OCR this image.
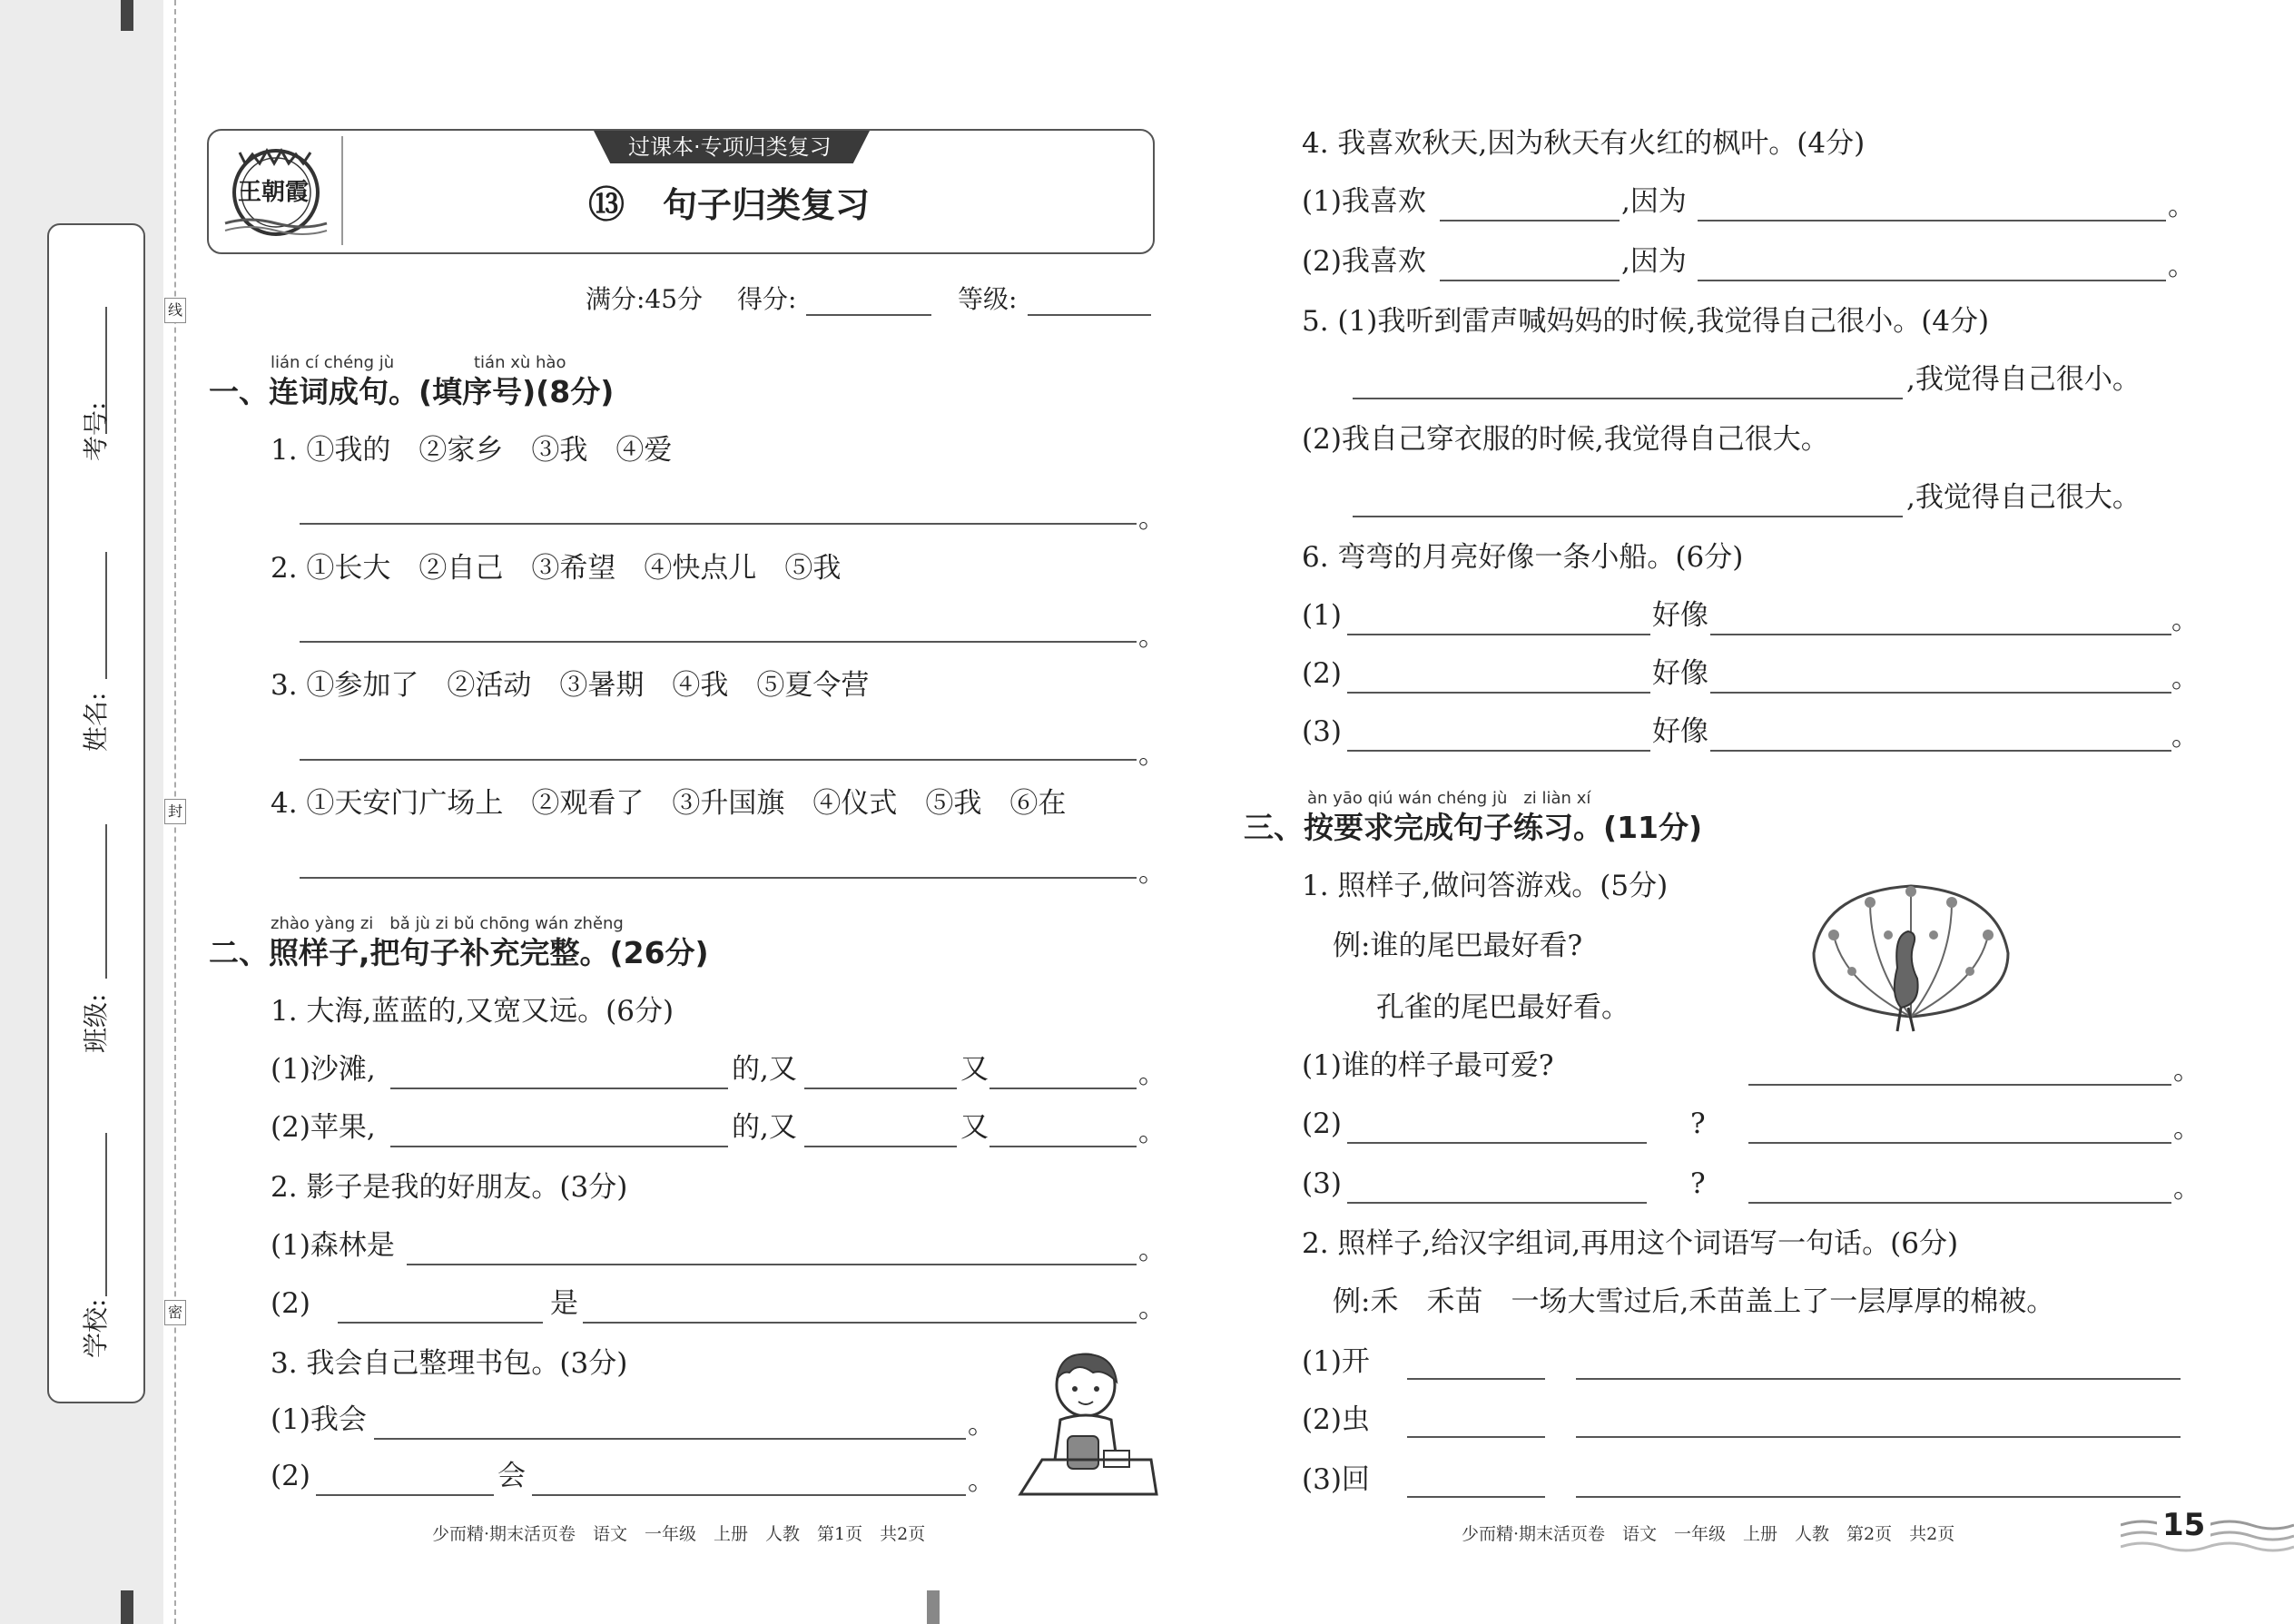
考号:
姓名:
班级:
学校:
线
封
密
王朝霞
过课本·专项归类复习
⑬ 句子归类复习
满分:45分 得分:	等级:
lián cí chéng jù	tián xù hào
一、连词成句。(填序号)(8分)
1. ①我的　②家乡　③我　④爱
。
2. ①长大　②自己　③希望　④快点儿　⑤我
。
3. ①参加了　②活动　③暑期　④我　⑤夏令营
。
4. ①天安门广场上　②观看了　③升国旗　④仪式　⑤我　⑥在
。
zhào yàng zi　bǎ jù zi bǔ chōng wán zhěng
二、照样子,把句子补充完整。(26分)
1. 大海,蓝蓝的,又宽又远。(6分)
(1)沙滩,	的,又	又	。
(2)苹果,	的,又	又	。
2. 影子是我的好朋友。(3分)
(1)森林是	。
(2)	是	。
3. 我会自己整理书包。(3分)
(1)我会	。
(2)	会	。
少而精·期末活页卷　语文　一年级　上册　人教　第1页　共2页
4. 我喜欢秋天,因为秋天有火红的枫叶。(4分)
(1)我喜欢	,因为	。
(2)我喜欢	,因为	。
5. (1)我听到雷声喊妈妈的时候,我觉得自己很小。(4分)
,我觉得自己很小。
(2)我自己穿衣服的时候,我觉得自己很大。
,我觉得自己很大。
6. 弯弯的月亮好像一条小船。(6分)
(1)	好像	。
(2)	好像	。
(3)	好像	。
àn yāo qiú wán chéng jù　zi liàn xí
三、按要求完成句子练习。(11分)
1. 照样子,做问答游戏。(5分)
例:谁的尾巴最好看?
孔雀的尾巴最好看。
(1)谁的样子最可爱?	。
(2)	?	。
(3)	?	。
2. 照样子,给汉字组词,再用这个词语写一句话。(6分)
例:禾　禾苗　一场大雪过后,禾苗盖上了一层厚厚的棉被。
(1)开
(2)虫
(3)回
少而精·期末活页卷　语文　一年级　上册　人教　第2页　共2页	15
